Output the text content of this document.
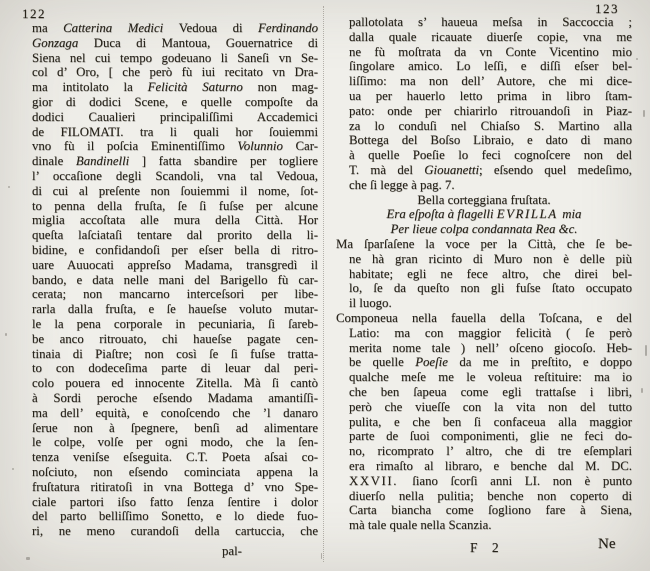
122	123
ma Catterina Medici Vedoua di Ferdinando
Gonzaga Duca di Mantoua, Gouernatrice di
Siena nel cui tempo godeuano li Saneſi vn Se-
col d’ Oro, [ che però fù iui recitato vn Dra-
ma intitolato la Felicità Saturno non mag-
gior di dodici Scene, e quelle compoſte da
dodici Caualieri principaliſſimi Accademici
de FILOMATI. tra li quali hor ſouiemmi
vno fù il poſcia Eminentiſſimo Volunnio Car-
dinale Bandinelli ] fatta sbandire per togliere
l’ occaſione degli Scandoli, vna tal Vedoua,
di cui al preſente non ſouiemmi il nome, ſot-
to penna della fruſta, ſe ſi fuſse per alcune
miglia accoſtata alle mura della Città. Hor
queſta laſciataſi tentare dal prorito della li-
bidine, e confidandoſi per eſser bella di ritro-
uare Auuocati appreſso Madama, transgredì il
bando, e data nelle mani del Barigello fù car-
cerata; non mancarno interceſsori per libe-
rarla dalla fruſta, e ſe haueſse voluto mutar-
le la pena corporale in pecuniaria, ſi ſareb-
be anco ritrouato, chi haueſse pagate cen-
tinaia di Piaſtre; non così ſe ſi fuſse tratta-
to con dodeceſima parte di leuar dal peri-
colo pouera ed innocente Zitella. Mà ſi cantò
à Sordi peroche eſsendo Madama amantiſſi-
ma dell’ equità, e conoſcendo che ’l danaro
ſerue non à ſpegnere, benſi ad alimentare
le colpe, volſe per ogni modo, che la ſen-
tenza veniſse eſseguita. C.T. Poeta aſsai co-
noſciuto, non eſsendo cominciata appena la
fruſtatura ritiratoſi in vna Bottega d’ vno Spe-
ciale partori iſso fatto ſenza ſentire i dolor
del parto belliſſimo Sonetto, e lo diede fuo-
ri, ne meno curandoſi della cartuccia, che
pallotolata s’ haueua meſsa in Saccoccia ;
dalla quale ricauate diuerſe copie, vna me
ne fù moſtrata da vn Conte Vicentino mio
ſingolare amico. Lo leſſi, e diſſi eſser bel-
liſſimo: ma non dell’ Autore, che mi dice-
ua per hauerlo letto prima in libro ſtam-
pato: onde per chiarirlo ritrouandoſi in Piaz-
za lo conduſi nel Chiaſso S. Martino alla
Bottega del Boſso Libraio, e dato di mano
à quelle Poeſie lo feci cognoſcere non del
T. mà del Giouanetti; eſsendo quel medeſimo,
che ſi legge à pag. 7.
Bella corteggiana fruſtata.
Era eſpoſta à flagelli EVRILLA mia
Per lieue colpa condannata Rea &c.
Ma ſparſaſene la voce per la Città, che ſe be-
ne hà gran ricinto di Muro non è delle più
habitate; egli ne fece altro, che direi bel-
lo, ſe da queſto non gli fuſse ſtato occupato
il luogo.
Componeua nella fauella della Toſcana, e del
Latio: ma con maggior felicità ( ſe però
merita nome tale ) nell’ oſceno giocoſo. Heb-
be quelle Poeſie da me in preſtito, e doppo
qualche meſe me le voleua reſtituire: ma io
che ben ſapeua come egli trattaſse i libri,
però che viueſſe con la vita non del tutto
pulita, e che ben ſi confaceua alla maggior
parte de ſuoi componimenti, glie ne feci do-
no, ricomprato l’ altro, che di tre eſemplari
era rimaſto al libraro, e benche dal M. DC.
XXVII. ſiano ſcorſi anni LI. non è punto
diuerſo nella pulitia; benche non coperto di
Carta biancha come ſogliono fare à Siena,
mà tale quale nella Scanzia.
pal-	F 2	Ne
